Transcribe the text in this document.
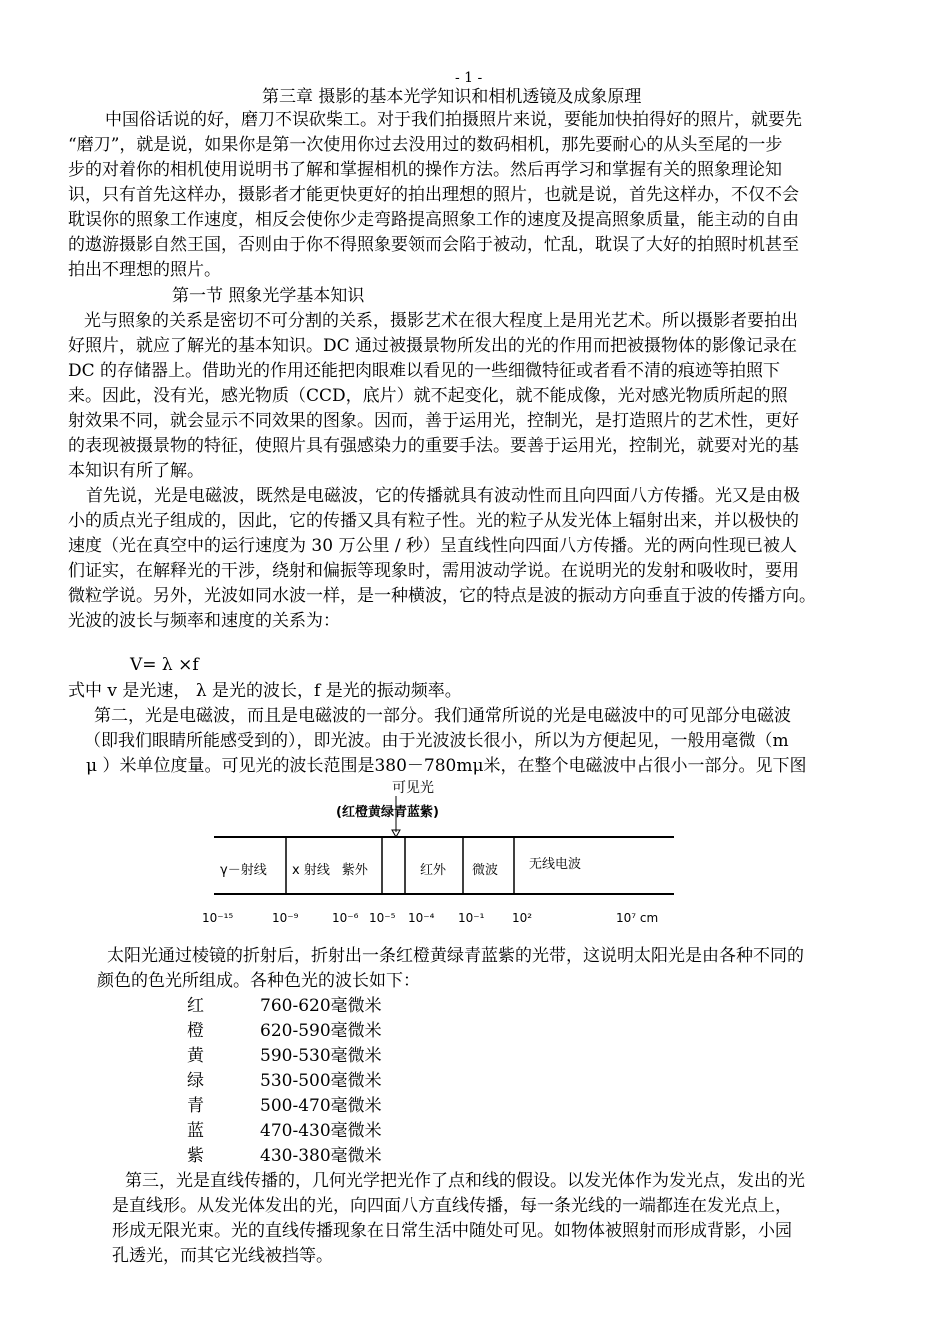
- 1 -
第三章 摄影的基本光学知识和相机透镜及成象原理
中国俗话说的好，磨刀不误砍柴工。对于我们拍摄照片来说，要能加快拍得好的照片，就要先
“磨刀”，就是说，如果你是第一次使用你过去没用过的数码相机，那先要耐心的从头至尾的一步
步的对着你的相机使用说明书了解和掌握相机的操作方法。然后再学习和掌握有关的照象理论知
识，只有首先这样办，摄影者才能更快更好的拍出理想的照片，也就是说，首先这样办，不仅不会
耽误你的照象工作速度，相反会使你少走弯路提高照象工作的速度及提高照象质量，能主动的自由
的遨游摄影自然王国，否则由于你不得照象要领而会陷于被动，忙乱，耽误了大好的拍照时机甚至
拍出不理想的照片。
第一节 照象光学基本知识
光与照象的关系是密切不可分割的关系，摄影艺术在很大程度上是用光艺术。所以摄影者要拍出
好照片，就应了解光的基本知识。DC 通过被摄景物所发出的光的作用而把被摄物体的影像记录在
DC 的存储器上。借助光的作用还能把肉眼难以看见的一些细微特征或者看不清的痕迹等拍照下
来。因此，没有光，感光物质（CCD，底片）就不起变化，就不能成像，光对感光物质所起的照
射效果不同，就会显示不同效果的图象。因而，善于运用光，控制光，是打造照片的艺术性，更好
的表现被摄景物的特征，使照片具有强感染力的重要手法。要善于运用光，控制光，就要对光的基
本知识有所了解。
首先说，光是电磁波，既然是电磁波，它的传播就具有波动性而且向四面八方传播。光又是由极
小的质点光子组成的，因此，它的传播又具有粒子性。光的粒子从发光体上辐射出来，并以极快的
速度（光在真空中的运行速度为 30 万公里 / 秒）呈直线性向四面八方传播。光的两向性现已被人
们证实，在解释光的干涉，绕射和偏振等现象时，需用波动学说。在说明光的发射和吸收时，要用
微粒学说。另外，光波如同水波一样，是一种横波，它的特点是波的振动方向垂直于波的传播方向。
光波的波长与频率和速度的关系为：
V= λ ×f
式中 v 是光速， λ 是光的波长，f 是光的振动频率。
第二，光是电磁波，而且是电磁波的一部分。我们通常所说的光是电磁波中的可见部分电磁波
（即我们眼睛所能感受到的），即光波。由于光波波长很小，所以为方便起见，一般用毫微（m
μ ）米单位度量。可见光的波长范围是380－780mμ米，在整个电磁波中占很小一部分。见下图
可见光
(红橙黄绿青蓝紫)
γ－射线 x 射线 紫外	红外 微波 无线电波
10⁻¹⁵	10⁻⁹	10⁻⁶ 10⁻⁵ 10⁻⁴ 10⁻¹ 10²	10⁷ cm
太阳光通过棱镜的折射后，折射出一条红橙黄绿青蓝紫的光带，这说明太阳光是由各种不同的
颜色的色光所组成。各种色光的波长如下：
红	760-620毫微米
橙	620-590毫微米
黄	590-530毫微米
绿	530-500毫微米
青	500-470毫微米
蓝	470-430毫微米
紫	430-380毫微米
第三，光是直线传播的，几何光学把光作了点和线的假设。以发光体作为发光点，发出的光
是直线形。从发光体发出的光，向四面八方直线传播，每一条光线的一端都连在发光点上，
形成无限光束。光的直线传播现象在日常生活中随处可见。如物体被照射而形成背影，小园
孔透光，而其它光线被挡等。
